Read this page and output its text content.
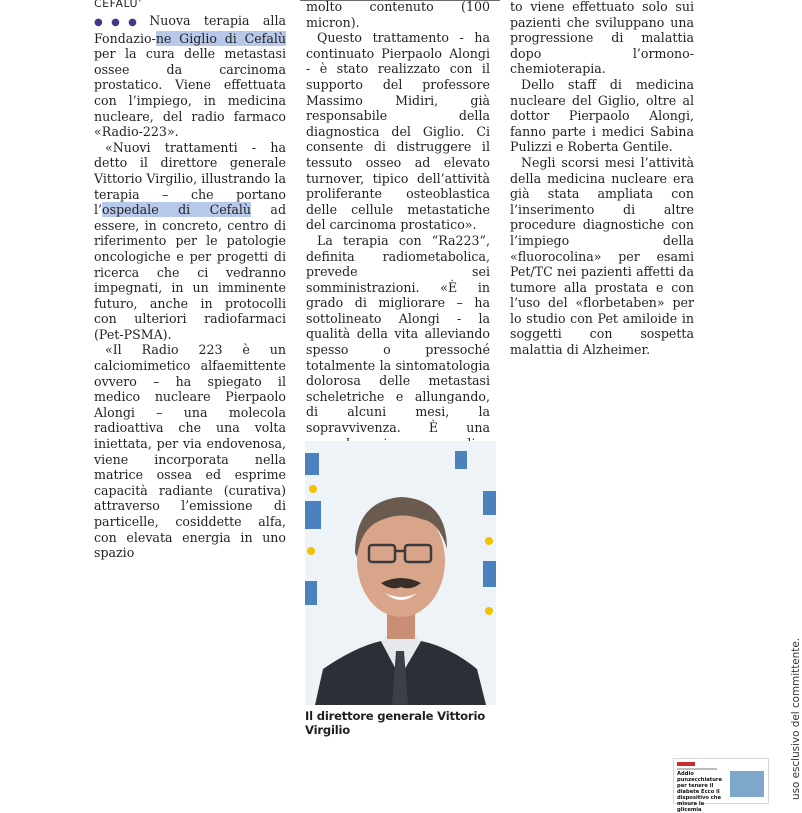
CEFALU’

●●● Nuova terapia alla Fondazio-ne Giglio di Cefalù per la cura delle metastasi ossee da carcinoma prostatico. Viene effettuata con l’impiego, in medicina nucleare, del radio farmaco «Radio-223».

«Nuovi trattamenti - ha detto il direttore generale Vittorio Virgilio, illustrando la terapia – che portano l’ospedale di Cefalù ad essere, in concreto, centro di riferimento per le patologie oncologiche e per progetti di ricerca che ci vedranno impegnati, in un imminente futuro, anche in protocolli con ulteriori radiofarmaci (Pet-PSMA).

«Il Radio 223 è un calciomimetico alfaemittente ovvero – ha spiegato il medico nucleare Pierpaolo Alongi – una molecola radioattiva che una volta iniettata, per via endovenosa, viene incorporata nella matrice ossea ed esprime capacità radiante (curativa) attraverso l’emissione di particelle, cosiddette alfa, con elevata energia in uno spazio

molto contenuto (100 micron).

Questo trattamento - ha continuato Pierpaolo Alongi - è stato realizzato con il supporto del professore Massimo Midiri, già responsabile della diagnostica del Giglio. Ci consente di distruggere il tessuto osseo ad elevato turnover, tipico dell’attività proliferante osteoblastica delle cellule metastatiche del carcinoma prostatico».

La terapia con “Ra223”, definita radiometabolica, prevede sei somministrazioni. «È in grado di migliorare – ha sottolineato Alongi - la qualità della vita alleviando spesso o pressoché totalmente la sintomatologia dolorosa delle metastasi scheletriche e allungando, di alcuni mesi, la sopravvivenza. È una

to viene effettuato solo sui pazienti che sviluppano una progressione di malattia dopo l’ormono-chemioterapia.

Dello staff di medicina nucleare del Giglio, oltre al dottor Pierpaolo Alongi, fanno parte i medici Sabina Pulizzi e Roberta Gentile.

Negli scorsi mesi l’attività della medicina nucleare era già stata ampliata con l’inserimento di altre procedure diagnostiche con l’impiego della «fluorocolina» per esami Pet/TC nei pazienti affetti da tumore alla prostata e con l’uso del «florbetaben» per lo studio con Pet amiloide in soggetti con sospetta malattia di Alzheimer.

Il direttore generale Vittorio Virgilio	uso esclusivo del committente.
Addio punzecchiature per tenere il diabete Ecco il dispositivo che misura la glicemia
